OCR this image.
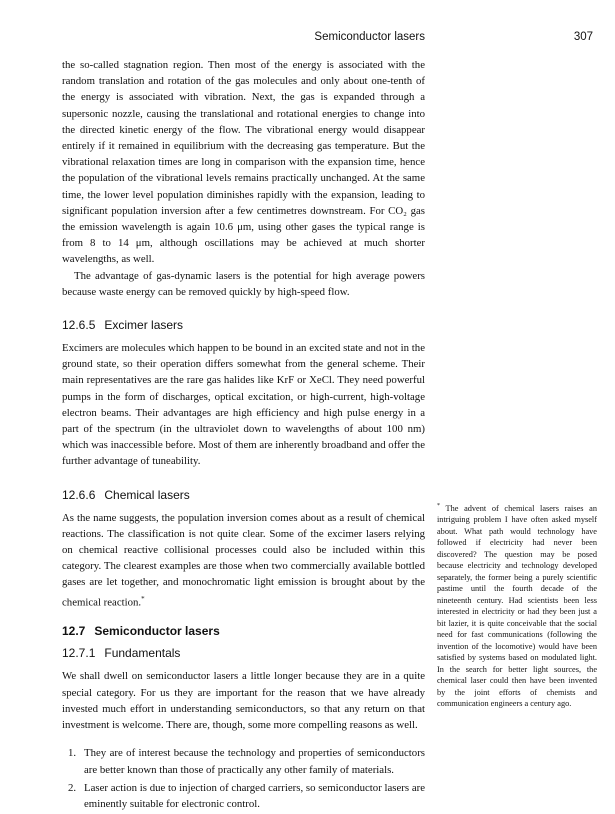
Semiconductor lasers	307

the so-called stagnation region. Then most of the energy is associated with the random translation and rotation of the gas molecules and only about one-tenth of the energy is associated with vibration. Next, the gas is expanded through a supersonic nozzle, causing the translational and rotational energies to change into the directed kinetic energy of the flow. The vibrational energy would disappear entirely if it remained in equilibrium with the decreasing gas temperature. But the vibrational relaxation times are long in comparison with the expansion time, hence the population of the vibrational levels remains practically unchanged. At the same time, the lower level population diminishes rapidly with the expansion, leading to significant population inversion after a few centimetres downstream. For CO₂ gas the emission wavelength is again 10.6 μm, using other gases the typical range is from 8 to 14 μm, although oscillations may be achieved at much shorter wavelengths, as well.

The advantage of gas-dynamic lasers is the potential for high average powers because waste energy can be removed quickly by high-speed flow.

12.6.5 Excimer lasers

Excimers are molecules which happen to be bound in an excited state and not in the ground state, so their operation differs somewhat from the general scheme. Their main representatives are the rare gas halides like KrF or XeCl. They need powerful pumps in the form of discharges, optical excitation, or high-current, high-voltage electron beams. Their advantages are high efficiency and high pulse energy in a part of the spectrum (in the ultraviolet down to wavelengths of about 100 nm) which was inaccessible before. Most of them are inherently broadband and offer the further advantage of tuneability.

12.6.6 Chemical lasers

As the name suggests, the population inversion comes about as a result of chemical reactions. The classification is not quite clear. Some of the excimer lasers relying on chemical reactive collisional processes could also be included within this category. The clearest examples are those when two commercially available bottled gases are let together, and monochromatic light emission is brought about by the chemical reaction.*

12.7 Semiconductor lasers
12.7.1 Fundamentals

We shall dwell on semiconductor lasers a little longer because they are in a quite special category. For us they are important for the reason that we have already invested much effort in understanding semiconductors, so that any return on that investment is welcome. There are, though, some more compelling reasons as well.

1. They are of interest because the technology and properties of semiconductors are better known than those of practically any other family of materials.
2. Laser action is due to injection of charged carriers, so semiconductor lasers are eminently suitable for electronic control.
* The advent of chemical lasers raises an intriguing problem I have often asked myself about. What path would technology have followed if electricity had never been discovered? The question may be posed because electricity and technology developed separately, the former being a purely scientific pastime until the fourth decade of the nineteenth century. Had scientists been less interested in electricity or had they been just a bit lazier, it is quite conceivable that the social need for fast communications (following the invention of the locomotive) would have been satisfied by systems based on modulated light. In the search for better light sources, the chemical laser could then have been invented by the joint efforts of chemists and communication engineers a century ago.
